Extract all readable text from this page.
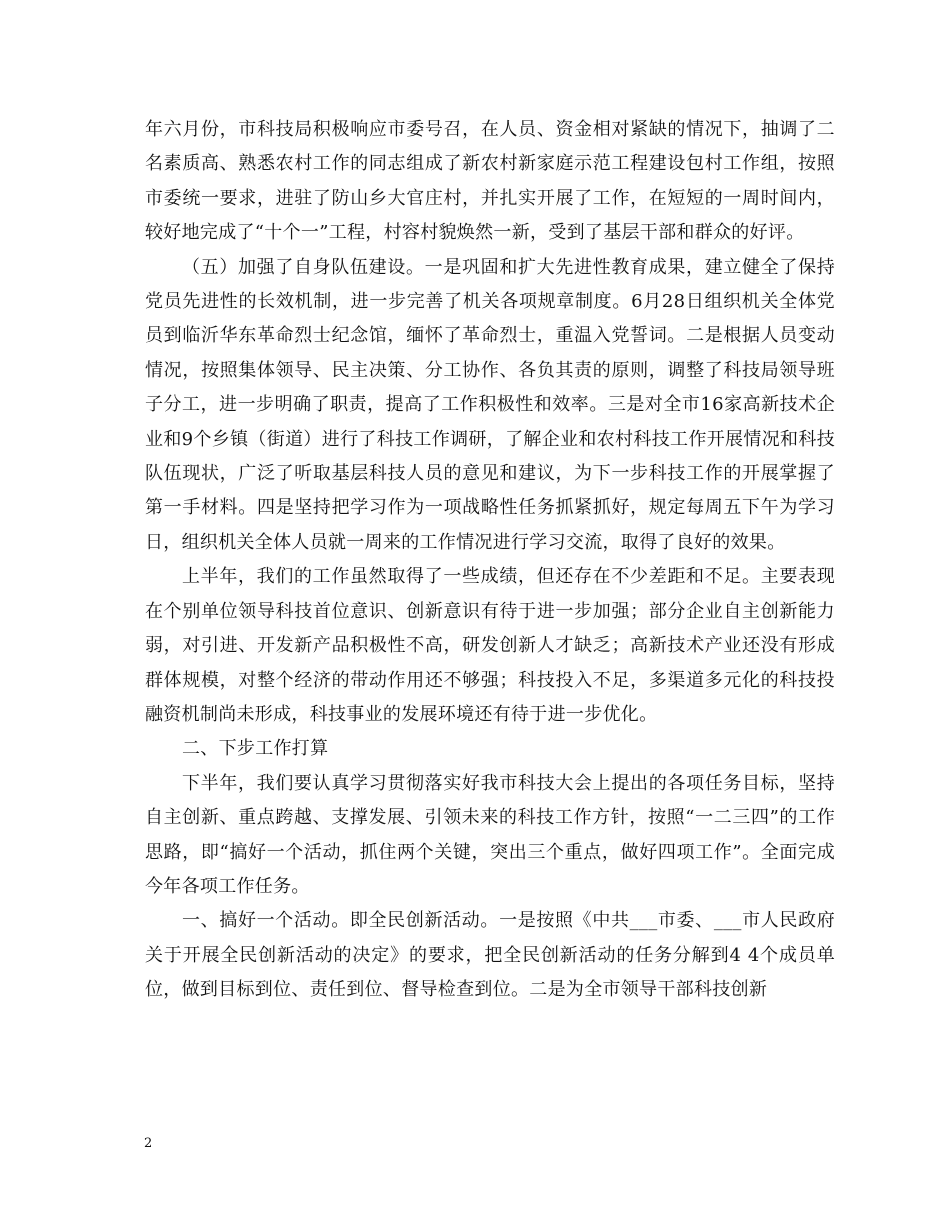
年六月份，市科技局积极响应市委号召，在人员、资金相对紧缺的情况下，抽调了二名素质高、熟悉农村工作的同志组成了新农村新家庭示范工程建设包村工作组，按照市委统一要求，进驻了防山乡大官庄村，并扎实开展了工作，在短短的一周时间内，较好地完成了“十个一”工程，村容村貌焕然一新，受到了基层干部和群众的好评。

（五）加强了自身队伍建设。一是巩固和扩大先进性教育成果，建立健全了保持党员先进性的长效机制，进一步完善了机关各项规章制度。6月28日组织机关全体党员到临沂华东革命烈士纪念馆，缅怀了革命烈士，重温入党誓词。二是根据人员变动情况，按照集体领导、民主决策、分工协作、各负其责的原则，调整了科技局领导班子分工，进一步明确了职责，提高了工作积极性和效率。三是对全市16家高新技术企业和9个乡镇（街道）进行了科技工作调研，了解企业和农村科技工作开展情况和科技队伍现状，广泛了听取基层科技人员的意见和建议，为下一步科技工作的开展掌握了第一手材料。四是坚持把学习作为一项战略性任务抓紧抓好，规定每周五下午为学习日，组织机关全体人员就一周来的工作情况进行学习交流，取得了良好的效果。

上半年，我们的工作虽然取得了一些成绩，但还存在不少差距和不足。主要表现在个别单位领导科技首位意识、创新意识有待于进一步加强；部分企业自主创新能力弱，对引进、开发新产品积极性不高，研发创新人才缺乏；高新技术产业还没有形成群体规模，对整个经济的带动作用还不够强；科技投入不足，多渠道多元化的科技投融资机制尚未形成，科技事业的发展环境还有待于进一步优化。

二、下步工作打算

下半年，我们要认真学习贯彻落实好我市科技大会上提出的各项任务目标，坚持自主创新、重点跨越、支撑发展、引领未来的科技工作方针，按照“一二三四”的工作思路，即“搞好一个活动，抓住两个关键，突出三个重点，做好四项工作”。全面完成今年各项工作任务。

一、搞好一个活动。即全民创新活动。一是按照《中共___市委、___市人民政府关于开展全民创新活动的决定》的要求，把全民创新活动的任务分解到4 4个成员单位，做到目标到位、责任到位、督导检查到位。二是为全市领导干部科技创新

2
